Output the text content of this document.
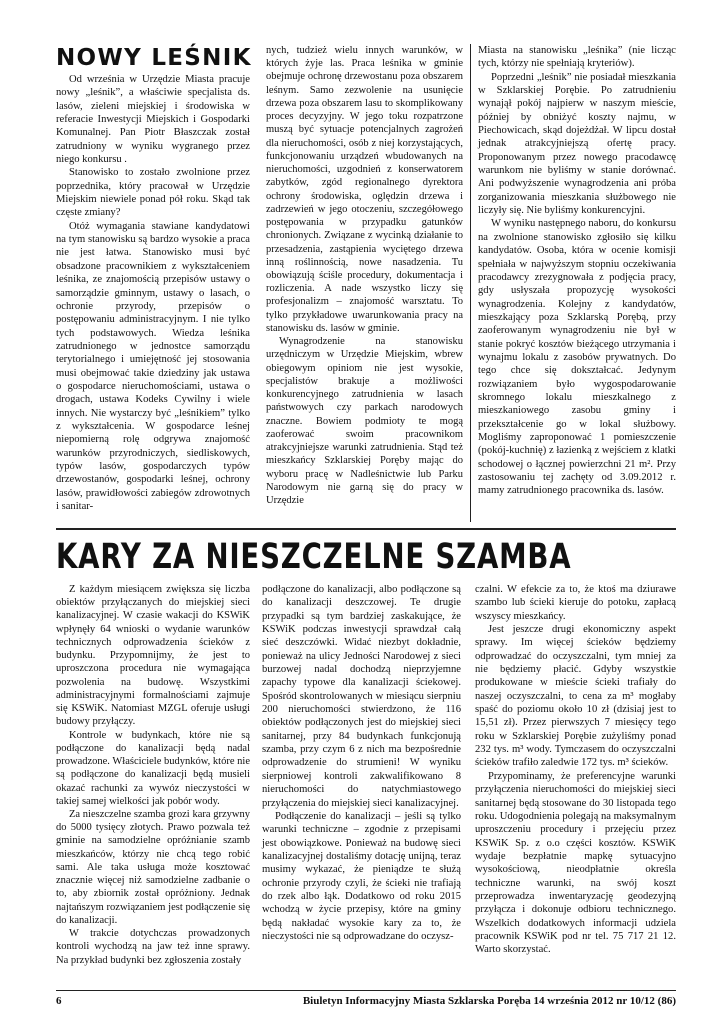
NOWY LEŚNIK

Od września w Urzędzie Miasta pracuje nowy „leśnik”, a właściwie specjalista ds. lasów, zieleni miejskiej i środowiska w referacie Inwestycji Miejskich i Gospodarki Komunalnej. Pan Piotr Błaszczak został zatrudniony w wyniku wygranego przez niego konkursu .

Stanowisko to zostało zwolnione przez poprzednika, który pracował w Urzędzie Miejskim niewiele ponad pół roku. Skąd tak częste zmiany?

Otóż wymagania stawiane kandydatowi na tym stanowisku są bardzo wysokie a praca nie jest łatwa. Stanowisko musi być obsadzone pracownikiem z wykształceniem leśnika, ze znajomością przepisów ustawy o samorządzie gminnym, ustawy o lasach, o ochronie przyrody, przepisów o postępowaniu administracyjnym. I nie tylko tych podstawowych. Wiedza leśnika zatrudnionego w jednostce samorządu terytorialnego i umiejętność jej stosowania musi obejmować takie dziedziny jak ustawa o gospodarce nieruchomościami, ustawa o drogach, ustawa Kodeks Cywilny i wiele innych. Nie wystarczy być „leśnikiem” tylko z wykształcenia. W gospodarce leśnej niepomierną rolę odgrywa znajomość warunków przyrodniczych, siedliskowych, typów lasów, gospodarczych typów drzewostanów, gospodarki leśnej, ochrony lasów, prawidłowości zabiegów zdrowotnych i sanitar-

nych, tudzież wielu innych warunków, w których żyje las. Praca leśnika w gminie obejmuje ochronę drzewostanu poza obszarem leśnym. Samo zezwolenie na usunięcie drzewa poza obszarem lasu to skomplikowany proces decyzyjny. W jego toku rozpatrzone muszą być sytuacje potencjalnych zagrożeń dla nieruchomości, osób z niej korzystających, funkcjonowaniu urządzeń wbudowanych na nieruchomości, uzgodnień z konserwatorem zabytków, zgód regionalnego dyrektora ochrony środowiska, oględzin drzewa i zadrzewień w jego otoczeniu, szczegółowego postępowania w przypadku gatunków chronionych. Związane z wycinką działanie to przesadzenia, zastąpienia wyciętego drzewa inną roślinnością, nowe nasadzenia. Tu obowiązują ściśle procedury, dokumentacja i rozliczenia. A nade wszystko liczy się profesjonalizm – znajomość warsztatu. To tylko przykładowe uwarunkowania pracy na stanowisku ds. lasów w gminie.

Wynagrodzenie na stanowisku urzędniczym w Urzędzie Miejskim, wbrew obiegowym opiniom nie jest wysokie, specjalistów brakuje a możliwości konkurencyjnego zatrudnienia w lasach państwowych czy parkach narodowych znaczne. Bowiem podmioty te mogą zaoferować swoim pracownikom atrakcyjniejsze warunki zatrudnienia. Stąd też mieszkańcy Szklarskiej Poręby mając do wyboru pracę w Nadleśnictwie lub Parku Narodowym nie garną się do pracy w Urzędzie

Miasta na stanowisku „leśnika” (nie licząc tych, którzy nie spełniają kryteriów).

Poprzedni „leśnik” nie posiadał mieszkania w Szklarskiej Porębie. Po zatrudnieniu wynajął pokój najpierw w naszym mieście, później by obniżyć koszty najmu, w Piechowicach, skąd dojeżdżał. W lipcu dostał jednak atrakcyjniejszą ofertę pracy. Proponowanym przez nowego pracodawcę warunkom nie byliśmy w stanie dorównać. Ani podwyższenie wynagrodzenia ani próba zorganizowania mieszkania służbowego nie liczyły się. Nie byliśmy konkurencyjni.

W wyniku następnego naboru, do konkursu na zwolnione stanowisko zgłosiło się kilku kandydatów. Osoba, która w ocenie komisji spełniała w najwyższym stopniu oczekiwania pracodawcy zrezygnowała z podjęcia pracy, gdy usłyszała propozycję wysokości wynagrodzenia. Kolejny z kandydatów, mieszkający poza Szklarską Porębą, przy zaoferowanym wynagrodzeniu nie był w stanie pokryć kosztów bieżącego utrzymania i wynajmu lokalu z zasobów prywatnych. Do tego chce się dokształcać. Jedynym rozwiązaniem było wygospodarowanie skromnego lokalu mieszkalnego z mieszkaniowego zasobu gminy i przekształcenie go w lokal służbowy. Mogliśmy zaproponować 1 pomieszczenie (pokój-kuchnię) z łazienką z wejściem z klatki schodowej o łącznej powierzchni 21 m². Przy zastosowaniu tej zachęty od 3.09.2012 r. mamy zatrudnionego pracownika ds. lasów.

KARY ZA NIESZCZELNE SZAMBA

Z każdym miesiącem zwiększa się liczba obiektów przyłączanych do miejskiej sieci kanalizacyjnej. W czasie wakacji do KSWiK wpłynęły 64 wnioski o wydanie warunków technicznych odprowadzenia ścieków z budynku. Przypomnijmy, że jest to uproszczona procedura nie wymagająca pozwolenia na budowę. Wszystkimi administracyjnymi formalnościami zajmuje się KSWiK. Natomiast MZGL oferuje usługi budowy przyłączy.

Kontrole w budynkach, które nie są podłączone do kanalizacji będą nadal prowadzone. Właściciele budynków, które nie są podłączone do kanalizacji będą musieli okazać rachunki za wywóz nieczystości w takiej samej wielkości jak pobór wody.

Za nieszczelne szamba grozi kara grzywny do 5000 tysięcy złotych. Prawo pozwala też gminie na samodzielne opróżnianie szamb mieszkańców, którzy nie chcą tego robić sami. Ale taka usługa może kosztować znacznie więcej niż samodzielne zadbanie o to, aby zbiornik został opróżniony. Jednak najtańszym rozwiązaniem jest podłączenie się do kanalizacji.

W trakcie dotychczas prowadzonych kontroli wychodzą na jaw też inne sprawy. Na przykład budynki bez zgłoszenia zostały

podłączone do kanalizacji, albo podłączone są do kanalizacji deszczowej. Te drugie przypadki są tym bardziej zaskakujące, że KSWiK podczas inwestycji sprawdzał całą sieć deszczówki. Widać niezbyt dokładnie, ponieważ na ulicy Jedności Narodowej z sieci burzowej nadal dochodzą nieprzyjemne zapachy typowe dla kanalizacji ściekowej. Spośród skontrolowanych w miesiącu sierpniu 200 nieruchomości stwierdzono, że 116 obiektów podłączonych jest do miejskiej sieci sanitarnej, przy 84 budynkach funkcjonują szamba, przy czym 6 z nich ma bezpośrednie odprowadzenie do strumieni! W wyniku sierpniowej kontroli zakwalifikowano 8 nieruchomości do natychmiastowego przyłączenia do miejskiej sieci kanalizacyjnej.

Podłączenie do kanalizacji – jeśli są tylko warunki techniczne – zgodnie z przepisami jest obowiązkowe. Ponieważ na budowę sieci kanalizacyjnej dostaliśmy dotację unijną, teraz musimy wykazać, że pieniądze te służą ochronie przyrody czyli, że ścieki nie trafiają do rzek albo łąk. Dodatkowo od roku 2015 wchodzą w życie przepisy, które na gminy będą nakładać wysokie kary za to, że nieczystości nie są odprowadzane do oczysz-

czalni. W efekcie za to, że ktoś ma dziurawe szambo lub ścieki kieruje do potoku, zapłacą wszyscy mieszkańcy.

Jest jeszcze drugi ekonomiczny aspekt sprawy. Im więcej ścieków będziemy odprowadzać do oczyszczalni, tym mniej za nie będziemy płacić. Gdyby wszystkie produkowane w mieście ścieki trafiały do naszej oczyszczalni, to cena za m³ mogłaby spaść do poziomu około 10 zł (dzisiaj jest to 15,51 zł). Przez pierwszych 7 miesięcy tego roku w Szklarskiej Porębie zużyliśmy ponad 232 tys. m³ wody. Tymczasem do oczyszczalni ścieków trafiło zaledwie 172 tys. m³ ścieków.

Przypominamy, że preferencyjne warunki przyłączenia nieruchomości do miejskiej sieci sanitarnej będą stosowane do 30 listopada tego roku. Udogodnienia polegają na maksymalnym uproszczeniu procedury i przejęciu przez KSWiK Sp. z o.o części kosztów. KSWiK wydaje bezpłatnie mapkę sytuacyjno wysokościową, nieodpłatnie określa techniczne warunki, na swój koszt przeprowadza inwentaryzację geodezyjną przyłącza i dokonuje odbioru technicznego. Wszelkich dodatkowych informacji udziela pracownik KSWiK pod nr tel. 75 717 21 12. Warto skorzystać.

6	Biuletyn Informacyjny Miasta Szklarska Poręba 14 września 2012 nr 10/12 (86)
